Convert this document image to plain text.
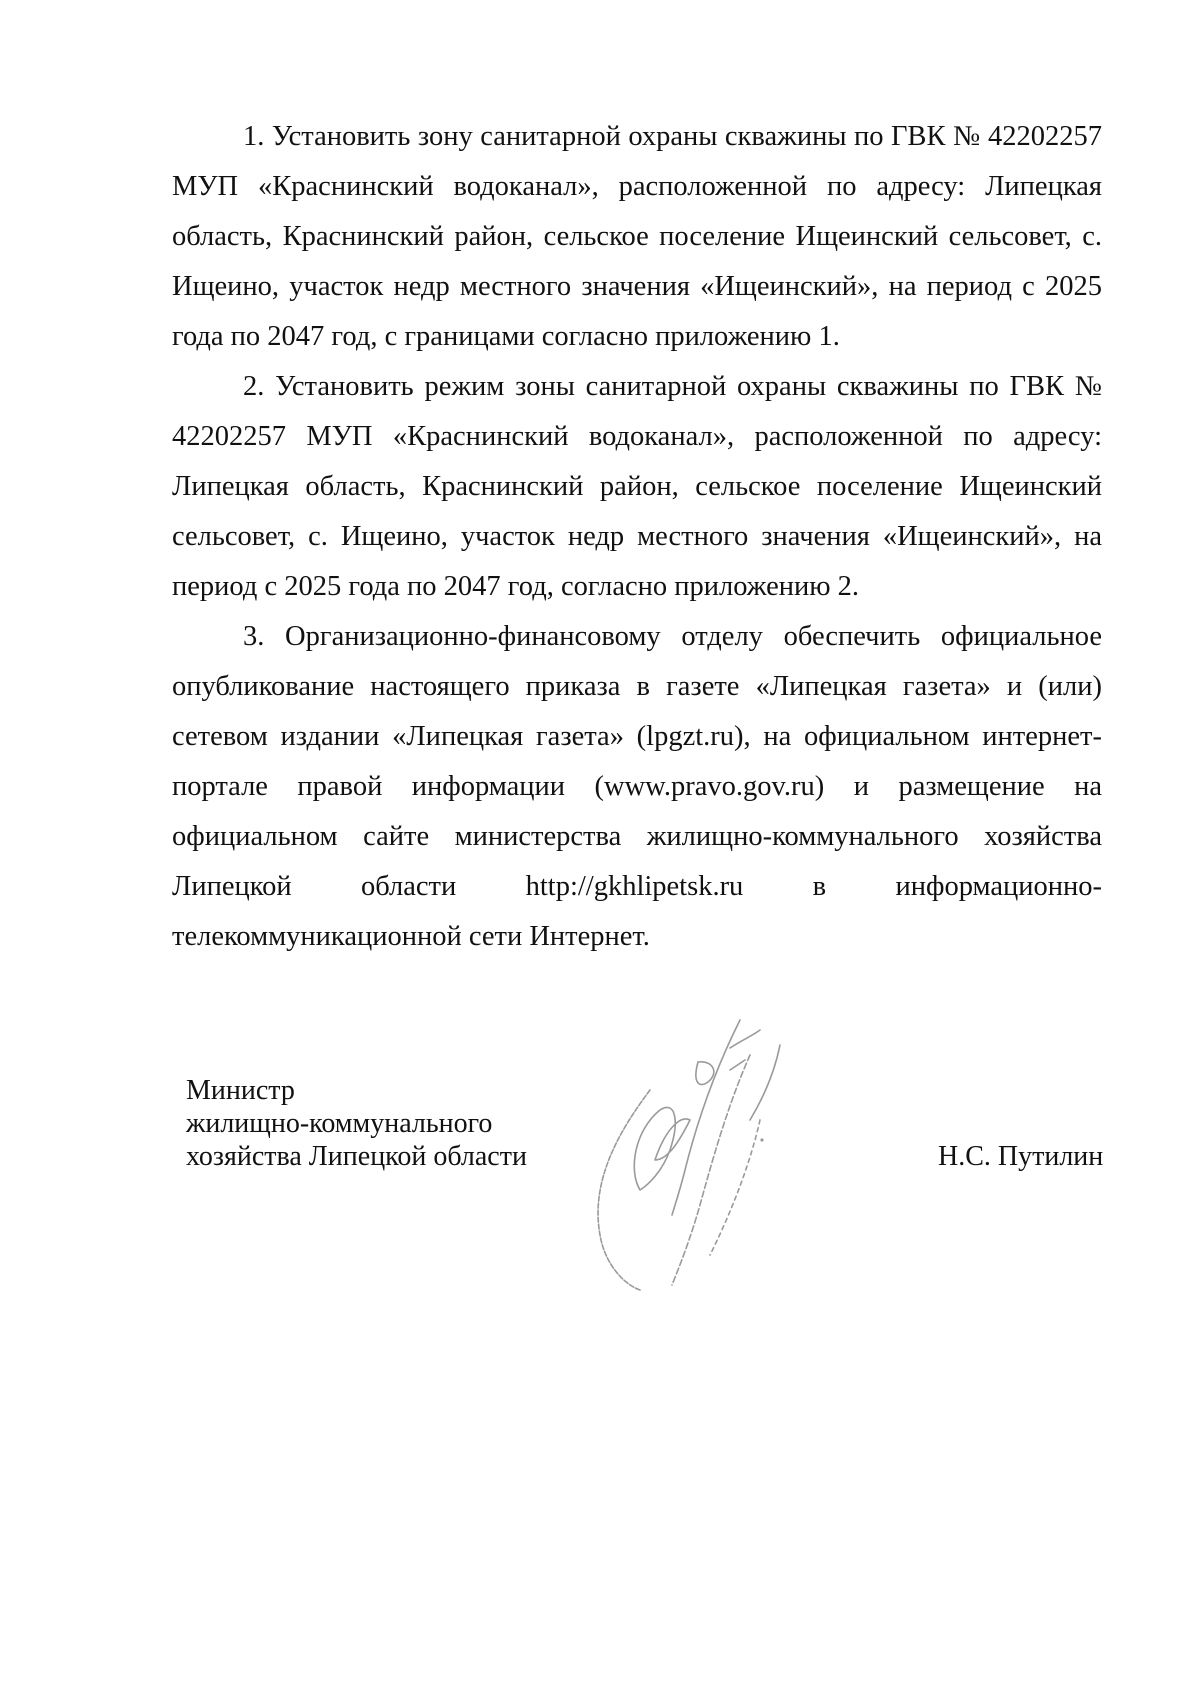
1. Установить зону санитарной охраны скважины по ГВК № 42202257 МУП «Краснинский водоканал», расположенной по адресу: Липецкая область, Краснинский район, сельское поселение Ищеинский сельсовет, с. Ищеино, участок недр местного значения «Ищеинский», на период с 2025 года по 2047 год, с границами согласно приложению 1.

2. Установить режим зоны санитарной охраны скважины по ГВК № 42202257 МУП «Краснинский водоканал», расположенной по адресу: Липецкая область, Краснинский район, сельское поселение Ищеинский сельсовет, с. Ищеино, участок недр местного значения «Ищеинский», на период с 2025 года по 2047 год, согласно приложению 2.

3. Организационно-финансовому отделу обеспечить официальное опубликование настоящего приказа в газете «Липецкая газета» и (или) сетевом издании «Липецкая газета» (lpgzt.ru), на официальном интернет-портале правой информации (www.pravo.gov.ru) и размещение на официальном сайте министерства жилищно-коммунального хозяйства Липецкой области http://gkhlipetsk.ru в информационно-телекоммуникационной сети Интернет.

Министр
жилищно-коммунального
хозяйства Липецкой области	Н.С. Путилин
